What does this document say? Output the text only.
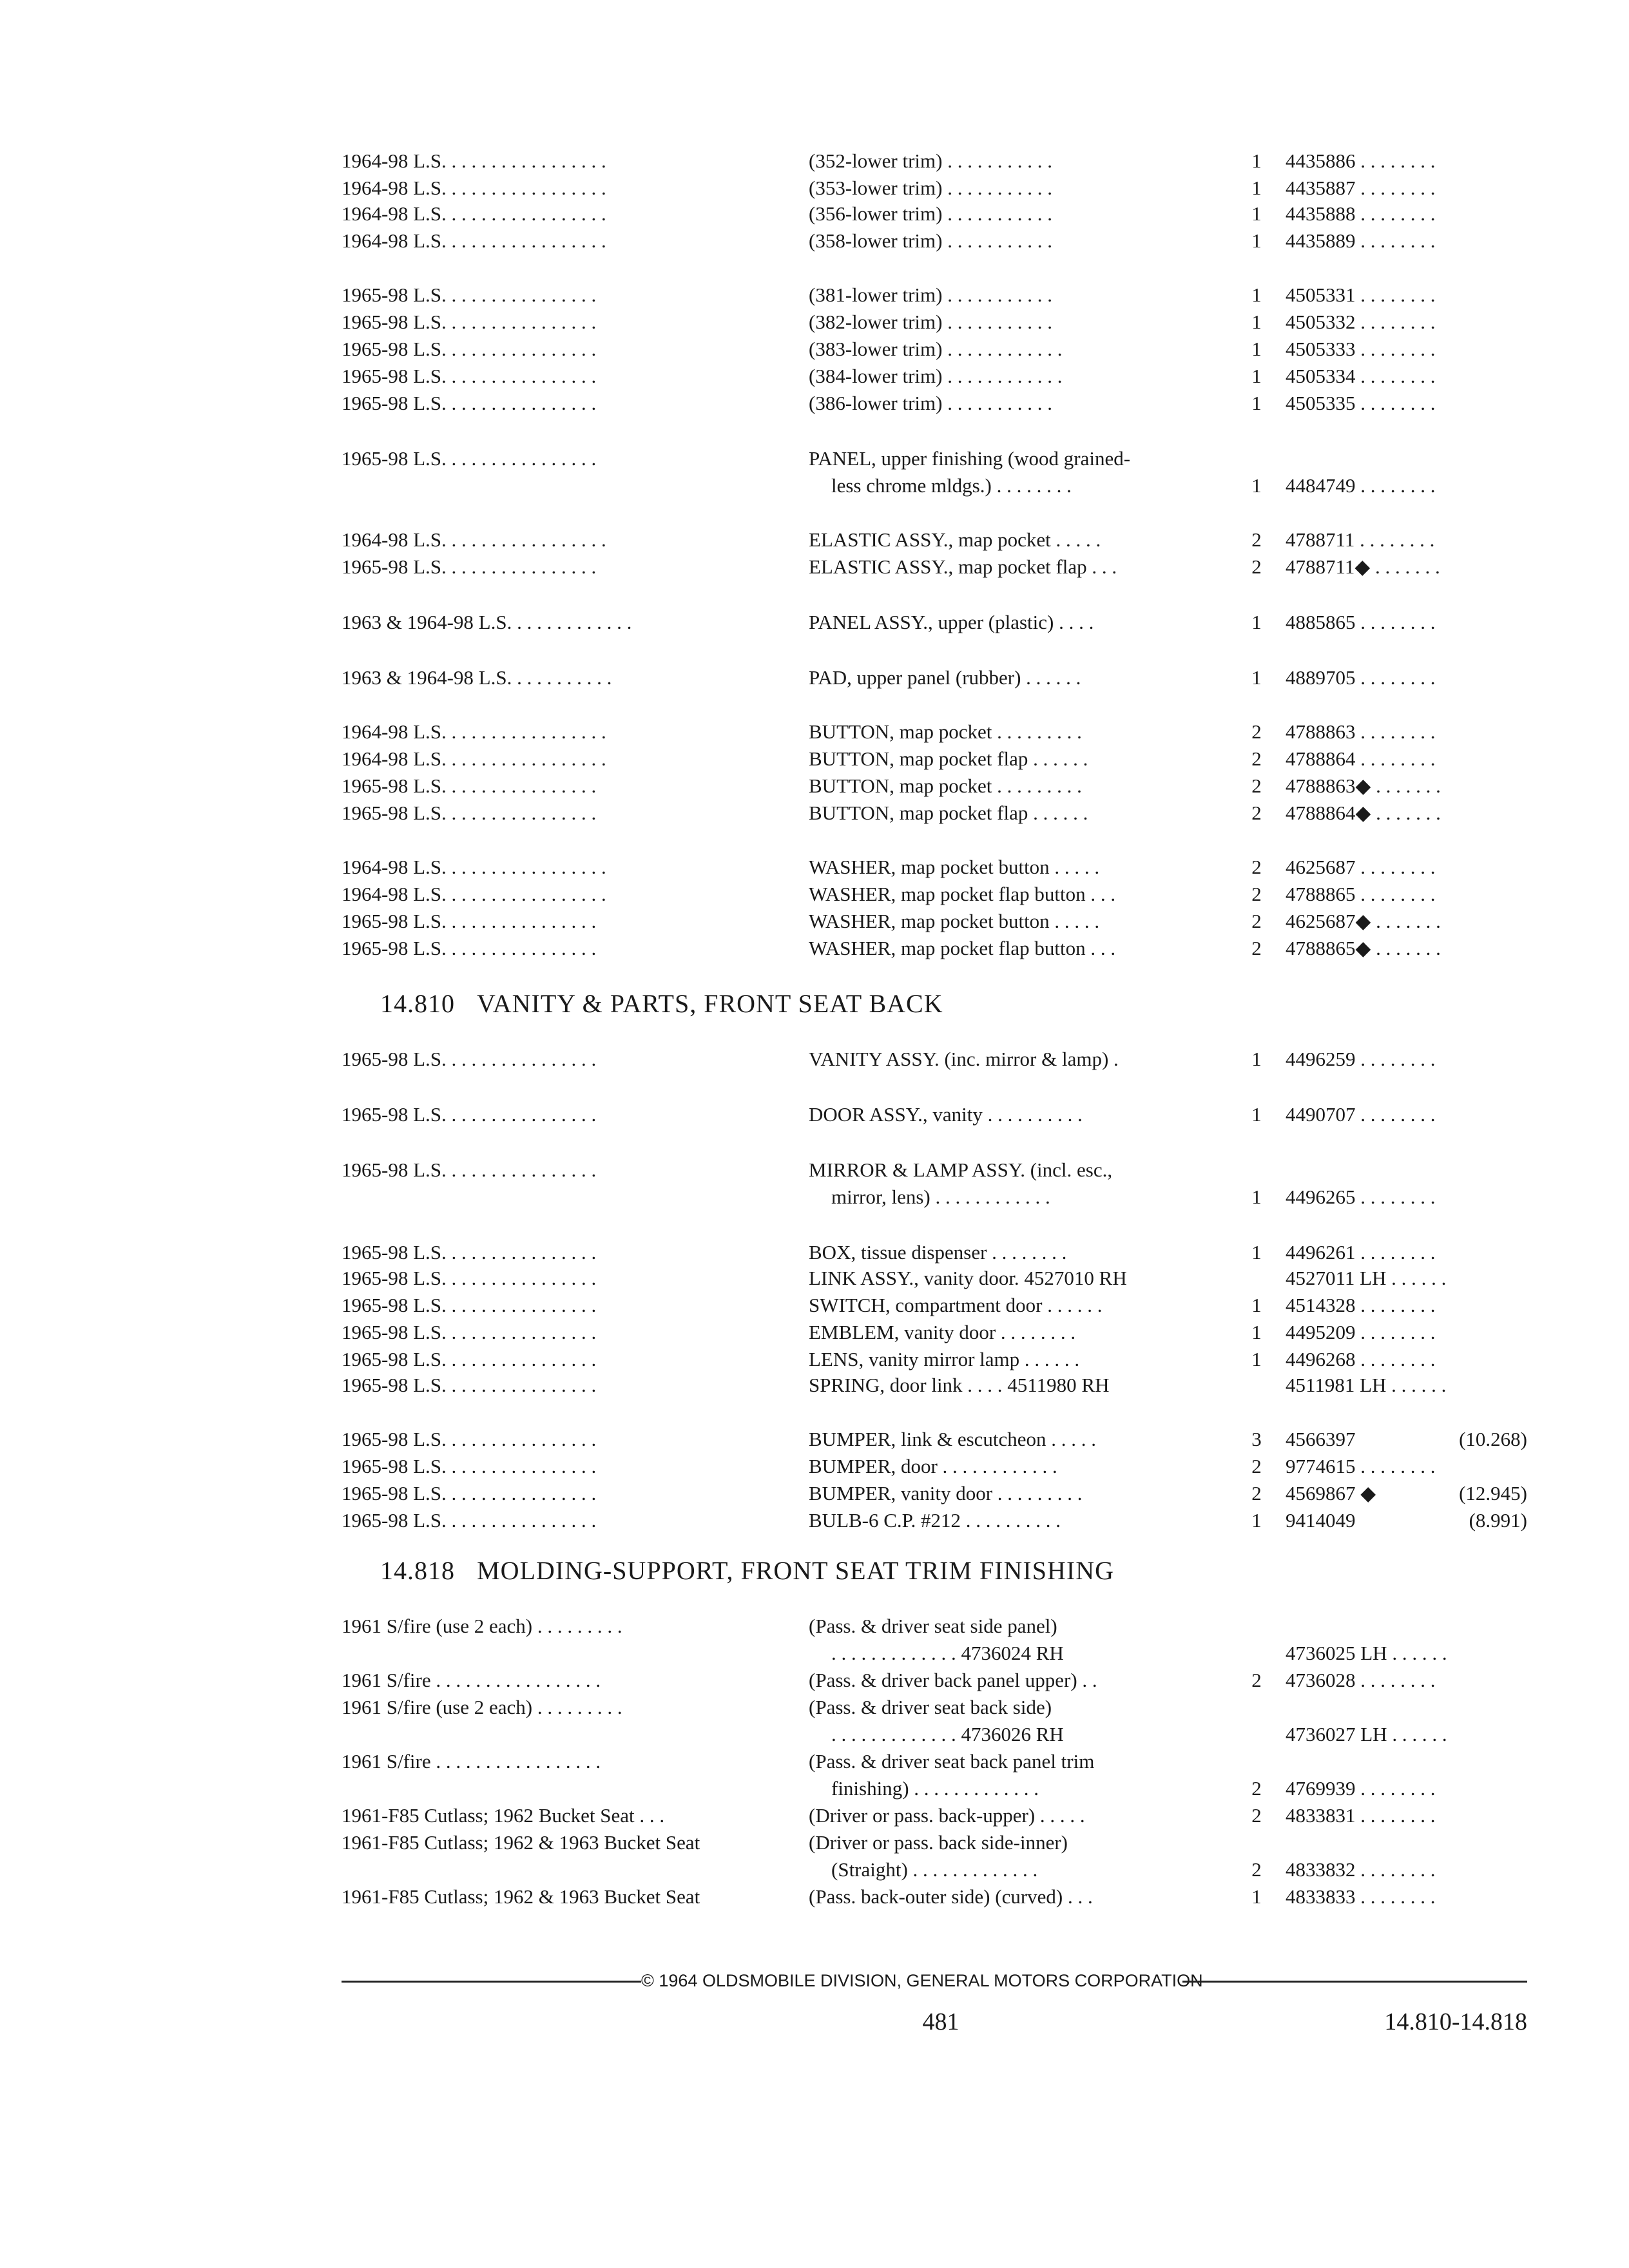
1964-98 L.S. . . . . . . . . . . . . . . . .	(352-lower trim) . . . . . . . . . . .	1	4435886 . . . . . . . .
1964-98 L.S. . . . . . . . . . . . . . . . .	(353-lower trim) . . . . . . . . . . .	1	4435887 . . . . . . . .
1964-98 L.S. . . . . . . . . . . . . . . . .	(356-lower trim) . . . . . . . . . . .	1	4435888 . . . . . . . .
1964-98 L.S. . . . . . . . . . . . . . . . .	(358-lower trim) . . . . . . . . . . .	1	4435889 . . . . . . . .
1965-98 L.S. . . . . . . . . . . . . . . .	(381-lower trim) . . . . . . . . . . .	1	4505331 . . . . . . . .
1965-98 L.S. . . . . . . . . . . . . . . .	(382-lower trim) . . . . . . . . . . .	1	4505332 . . . . . . . .
1965-98 L.S. . . . . . . . . . . . . . . .	(383-lower trim) . . . . . . . . . . . .	1	4505333 . . . . . . . .
1965-98 L.S. . . . . . . . . . . . . . . .	(384-lower trim) . . . . . . . . . . . .	1	4505334 . . . . . . . .
1965-98 L.S. . . . . . . . . . . . . . . .	(386-lower trim) . . . . . . . . . . .	1	4505335 . . . . . . . .
1965-98 L.S. . . . . . . . . . . . . . . .	PANEL, upper finishing (wood grained-
less chrome mldgs.) . . . . . . . .	1	4484749 . . . . . . . .
1964-98 L.S. . . . . . . . . . . . . . . . .	ELASTIC ASSY., map pocket . . . . .	2	4788711 . . . . . . . .
1965-98 L.S. . . . . . . . . . . . . . . .	ELASTIC ASSY., map pocket flap . . .	2	4788711◆ . . . . . . .
1963 & 1964-98 L.S. . . . . . . . . . . . .	PANEL ASSY., upper (plastic) . . . .	1	4885865 . . . . . . . .
1963 & 1964-98 L.S. . . . . . . . . . .	PAD, upper panel (rubber) . . . . . .	1	4889705 . . . . . . . .
1964-98 L.S. . . . . . . . . . . . . . . . .	BUTTON, map pocket . . . . . . . . .	2	4788863 . . . . . . . .
1964-98 L.S. . . . . . . . . . . . . . . . .	BUTTON, map pocket flap . . . . . .	2	4788864 . . . . . . . .
1965-98 L.S. . . . . . . . . . . . . . . .	BUTTON, map pocket . . . . . . . . .	2	4788863◆ . . . . . . .
1965-98 L.S. . . . . . . . . . . . . . . .	BUTTON, map pocket flap . . . . . .	2	4788864◆ . . . . . . .
1964-98 L.S. . . . . . . . . . . . . . . . .	WASHER, map pocket button . . . . .	2	4625687 . . . . . . . .
1964-98 L.S. . . . . . . . . . . . . . . . .	WASHER, map pocket flap button . . .	2	4788865 . . . . . . . .
1965-98 L.S. . . . . . . . . . . . . . . .	WASHER, map pocket button . . . . .	2	4625687◆ . . . . . . .
1965-98 L.S. . . . . . . . . . . . . . . .	WASHER, map pocket flap button . . .	2	4788865◆ . . . . . . .
1965-98 L.S. . . . . . . . . . . . . . . .	VANITY ASSY. (inc. mirror & lamp) .	1	4496259 . . . . . . . .
1965-98 L.S. . . . . . . . . . . . . . . .	DOOR ASSY., vanity . . . . . . . . . .	1	4490707 . . . . . . . .
1965-98 L.S. . . . . . . . . . . . . . . .	MIRROR & LAMP ASSY. (incl. esc.,
mirror, lens) . . . . . . . . . . . .	1	4496265 . . . . . . . .
1965-98 L.S. . . . . . . . . . . . . . . .	BOX, tissue dispenser . . . . . . . .	1	4496261 . . . . . . . .
1965-98 L.S. . . . . . . . . . . . . . . .	LINK ASSY., vanity door. 4527010 RH	4527011 LH . . . . . .
1965-98 L.S. . . . . . . . . . . . . . . .	SWITCH, compartment door . . . . . .	1	4514328 . . . . . . . .
1965-98 L.S. . . . . . . . . . . . . . . .	EMBLEM, vanity door . . . . . . . .	1	4495209 . . . . . . . .
1965-98 L.S. . . . . . . . . . . . . . . .	LENS, vanity mirror lamp . . . . . .	1	4496268 . . . . . . . .
1965-98 L.S. . . . . . . . . . . . . . . .	SPRING, door link . . . . 4511980 RH	4511981 LH . . . . . .
1965-98 L.S. . . . . . . . . . . . . . . .	BUMPER, link & escutcheon . . . . .	3	4566397	(10.268)
1965-98 L.S. . . . . . . . . . . . . . . .	BUMPER, door . . . . . . . . . . . .	2	9774615 . . . . . . . .
1965-98 L.S. . . . . . . . . . . . . . . .	BUMPER, vanity door . . . . . . . . .	2	4569867 ◆	(12.945)
1965-98 L.S. . . . . . . . . . . . . . . .	BULB-6 C.P. #212 . . . . . . . . . .	1	9414049	(8.991)
1961 S/fire (use 2 each) . . . . . . . . .	(Pass. & driver seat side panel)
. . . . . . . . . . . . . 4736024 RH	4736025 LH . . . . . .
1961 S/fire . . . . . . . . . . . . . . . . .	(Pass. & driver back panel upper) . .	2	4736028 . . . . . . . .
1961 S/fire (use 2 each) . . . . . . . . .	(Pass. & driver seat back side)
. . . . . . . . . . . . . 4736026 RH	4736027 LH . . . . . .
1961 S/fire . . . . . . . . . . . . . . . . .	(Pass. & driver seat back panel trim
finishing) . . . . . . . . . . . . .	2	4769939 . . . . . . . .
1961-F85 Cutlass; 1962 Bucket Seat . . .	(Driver or pass. back-upper) . . . . .	2	4833831 . . . . . . . .
1961-F85 Cutlass; 1962 & 1963 Bucket Seat	(Driver or pass. back side-inner)
(Straight) . . . . . . . . . . . . .	2	4833832 . . . . . . . .
1961-F85 Cutlass; 1962 & 1963 Bucket Seat	(Pass. back-outer side) (curved) . . .	1	4833833 . . . . . . . .
14.810 VANITY & PARTS, FRONT SEAT BACK
14.818 MOLDING-SUPPORT, FRONT SEAT TRIM FINISHING
© 1964 OLDSMOBILE DIVISION, GENERAL MOTORS CORPORATION
481	14.810-14.818
